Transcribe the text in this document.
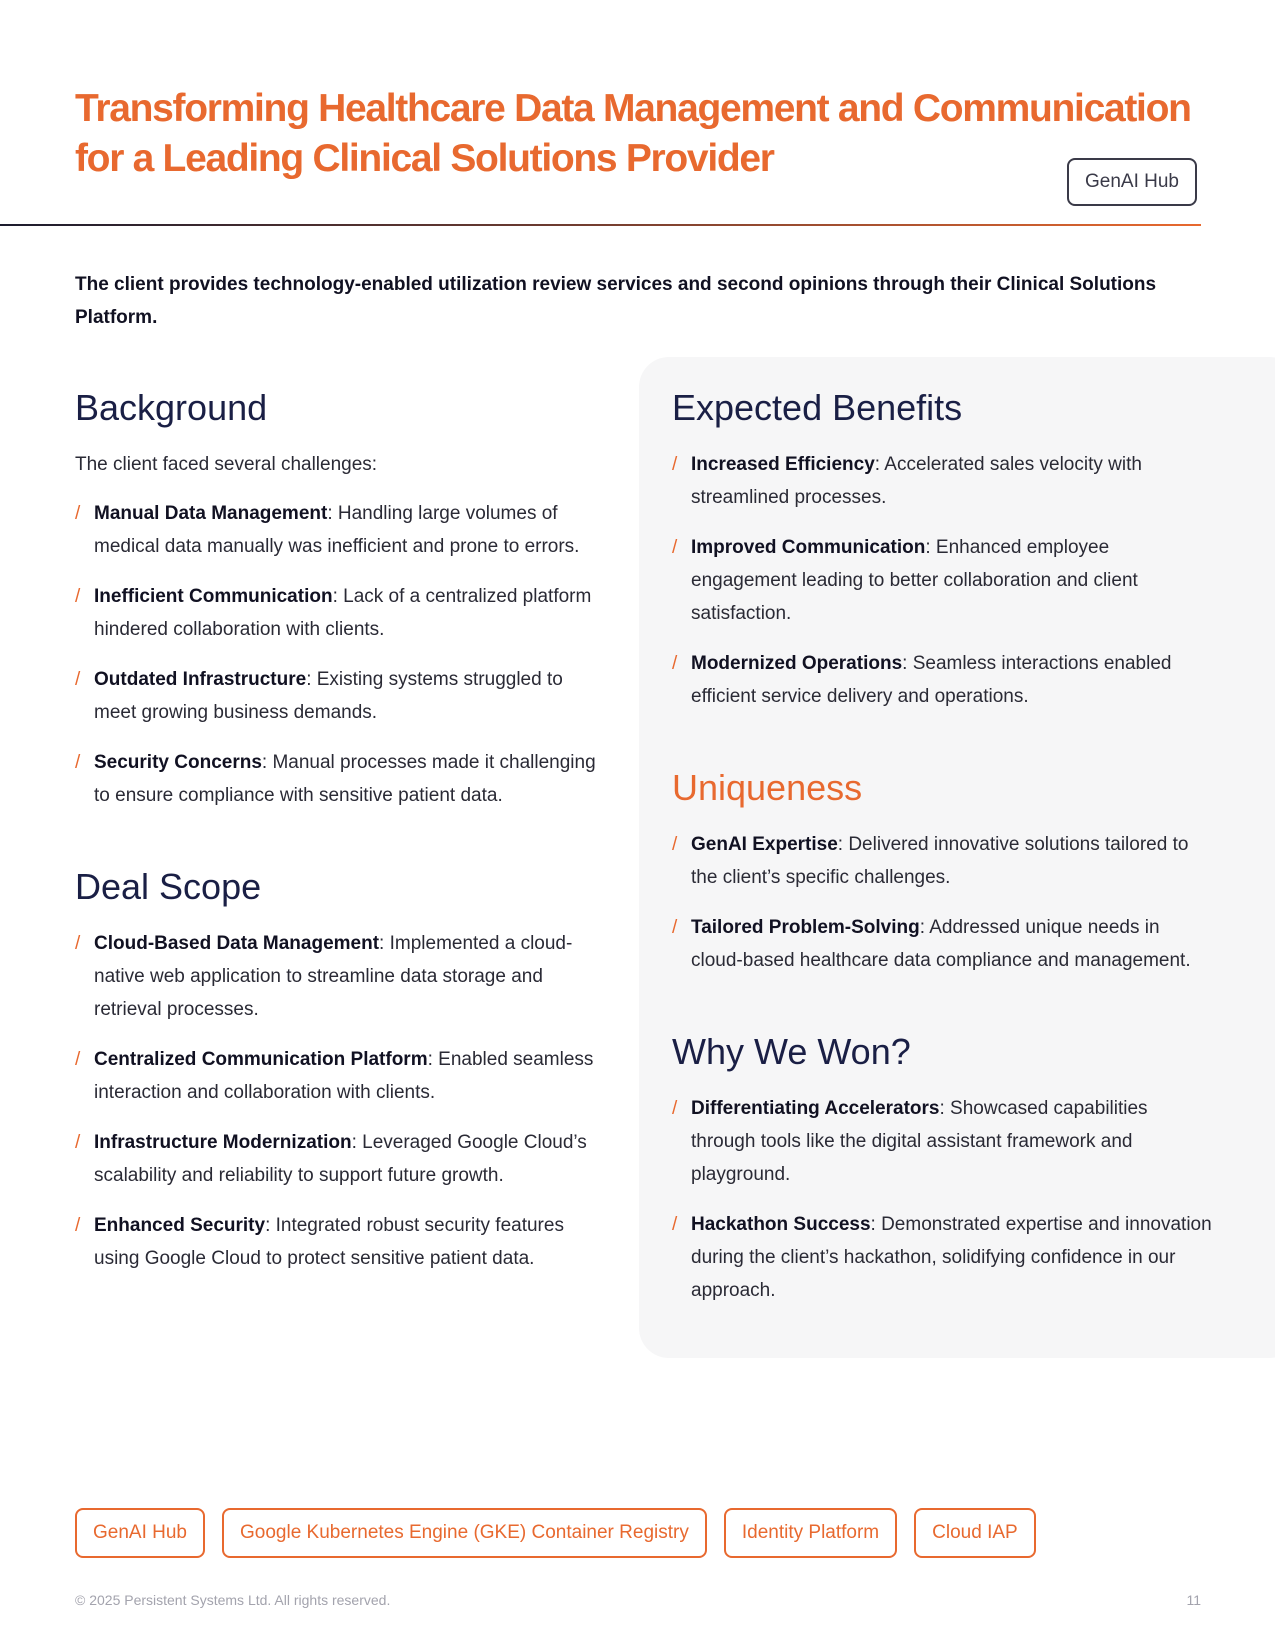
Transforming Healthcare Data Management and Communication
for a Leading Clinical Solutions Provider
GenAI Hub

The client provides technology-enabled utilization review services and second opinions through their Clinical Solutions Platform.

Background

The client faced several challenges:

/ Manual Data Management: Handling large volumes of medical data manually was inefficient and prone to errors.
/ Inefficient Communication: Lack of a centralized platform hindered collaboration with clients.
/ Outdated Infrastructure: Existing systems struggled to meet growing business demands.
/ Security Concerns: Manual processes made it challenging to ensure compliance with sensitive patient data.
Deal Scope
/ Cloud-Based Data Management: Implemented a cloud-native web application to streamline data storage and retrieval processes.
/ Centralized Communication Platform: Enabled seamless interaction and collaboration with clients.
/ Infrastructure Modernization: Leveraged Google Cloud’s scalability and reliability to support future growth.
/ Enhanced Security: Integrated robust security features using Google Cloud to protect sensitive patient data.
Expected Benefits
/ Increased Efficiency: Accelerated sales velocity with streamlined processes.
/ Improved Communication: Enhanced employee engagement leading to better collaboration and client satisfaction.
/ Modernized Operations: Seamless interactions enabled efficient service delivery and operations.
Uniqueness
/ GenAI Expertise: Delivered innovative solutions tailored to the client’s specific challenges.
/ Tailored Problem-Solving: Addressed unique needs in cloud-based healthcare data compliance and management.
Why We Won?
/ Differentiating Accelerators: Showcased capabilities through tools like the digital assistant framework and playground.
/ Hackathon Success: Demonstrated expertise and innovation during the client’s hackathon, solidifying confidence in our approach.
GenAI Hub	Google Kubernetes Engine (GKE) Container Registry	Identity Platform	Cloud IAP
© 2025 Persistent Systems Ltd. All rights reserved.	11
